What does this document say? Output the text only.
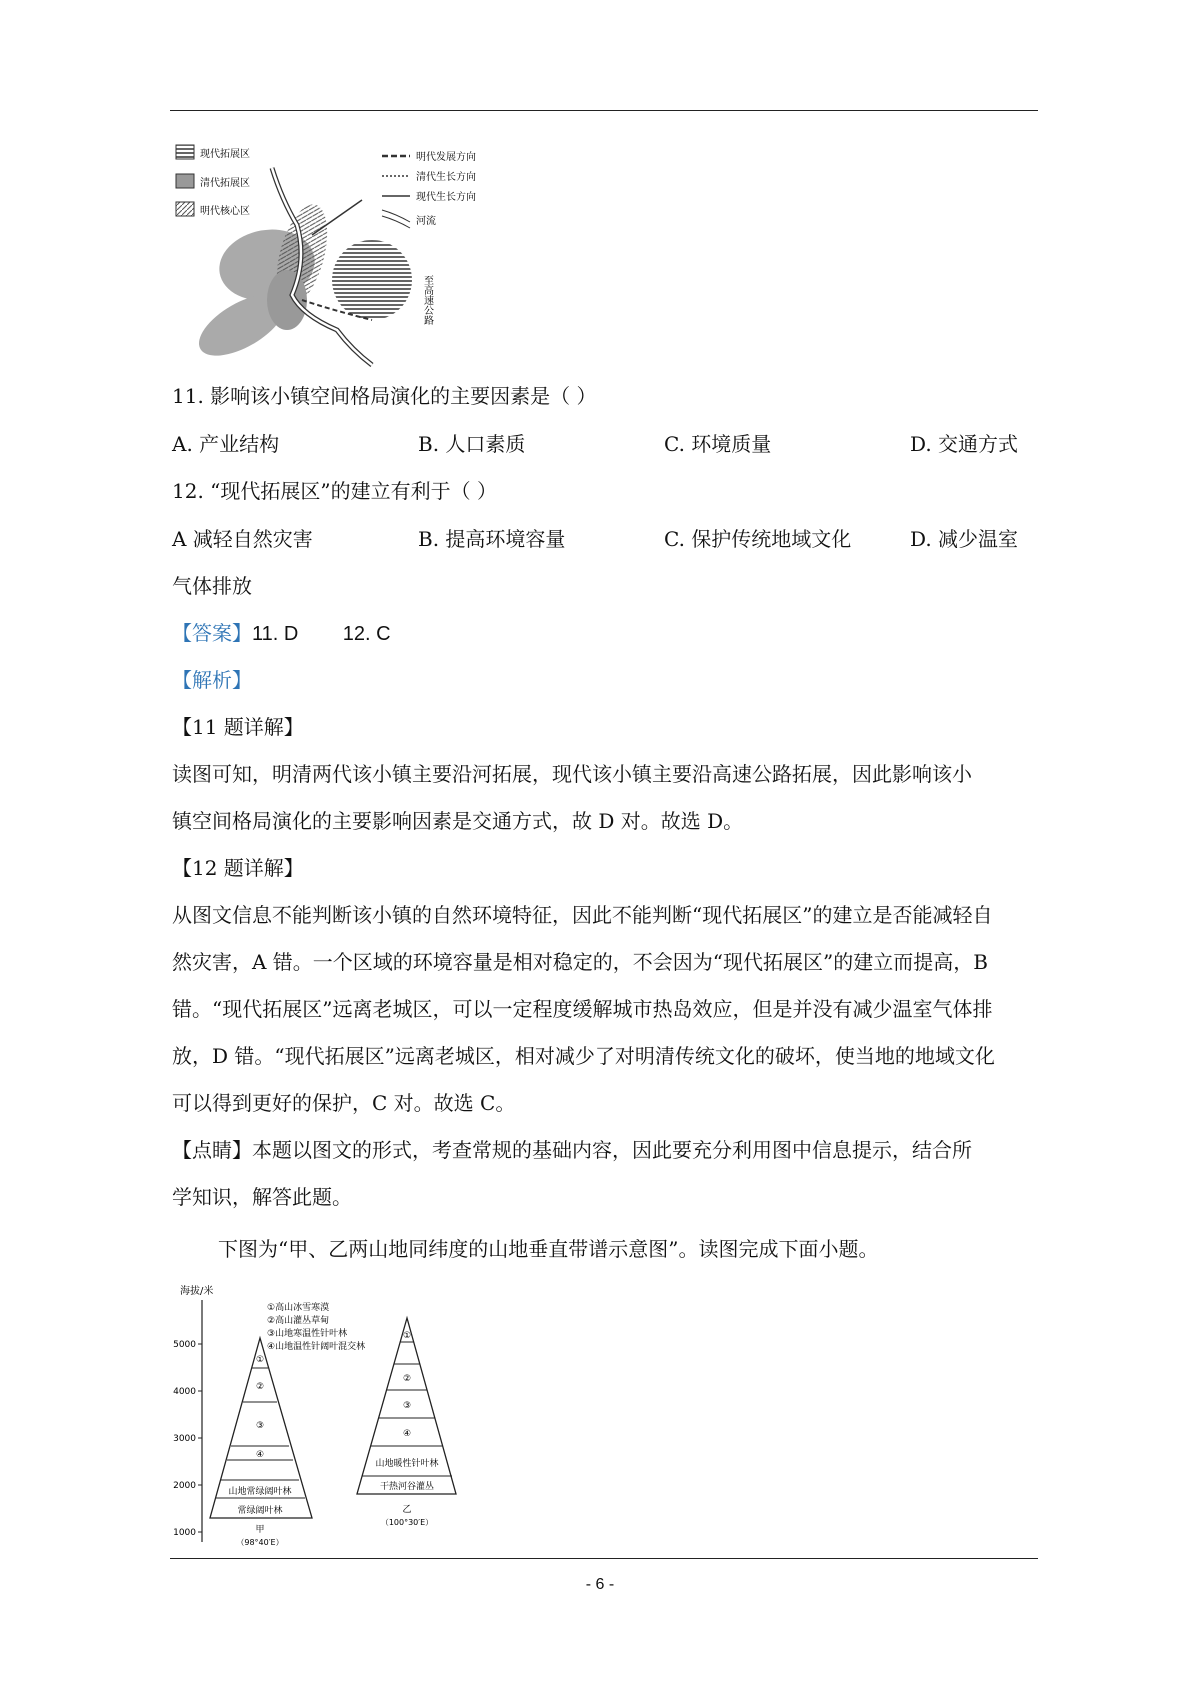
现代拓展区
清代拓展区
明代核心区
明代发展方向
清代生长方向
现代生长方向
河流
至高速公路
11. 影响该小镇空间格局演化的主要因素是（ ）
A. 产业结构	B. 人口素质	C. 环境质量	D. 交通方式
12. “现代拓展区”的建立有利于（ ）
A 减轻自然灾害	B. 提高环境容量	C. 保护传统地域文化	D. 减少温室
气体排放
【答案】11. D        12. C
【解析】
【11 题详解】
读图可知，明清两代该小镇主要沿河拓展，现代该小镇主要沿高速公路拓展，因此影响该小
镇空间格局演化的主要影响因素是交通方式，故 D 对。故选 D。
【12 题详解】
从图文信息不能判断该小镇的自然环境特征，因此不能判断“现代拓展区”的建立是否能减轻自
然灾害，A 错。一个区域的环境容量是相对稳定的，不会因为“现代拓展区”的建立而提高，B
错。“现代拓展区”远离老城区，可以一定程度缓解城市热岛效应，但是并没有减少温室气体排
放，D 错。“现代拓展区”远离老城区，相对减少了对明清传统文化的破坏，使当地的地域文化
可以得到更好的保护，C 对。故选 C。
【点睛】本题以图文的形式，考查常规的基础内容，因此要充分利用图中信息提示，结合所
学知识，解答此题。
下图为“甲、乙两山地同纬度的山地垂直带谱示意图”。读图完成下面小题。
海拔/米
5000
4000
3000
2000
1000
①高山冰雪寒漠
②高山灌丛草甸
③山地寒温性针叶林
④山地温性针阔叶混交林
①
②
③
④
山地常绿阔叶林
常绿阔叶林
甲
（98°40′E）
①
②
③
④
山地暖性针叶林
干热河谷灌丛
乙
（100°30′E）
- 6 -
